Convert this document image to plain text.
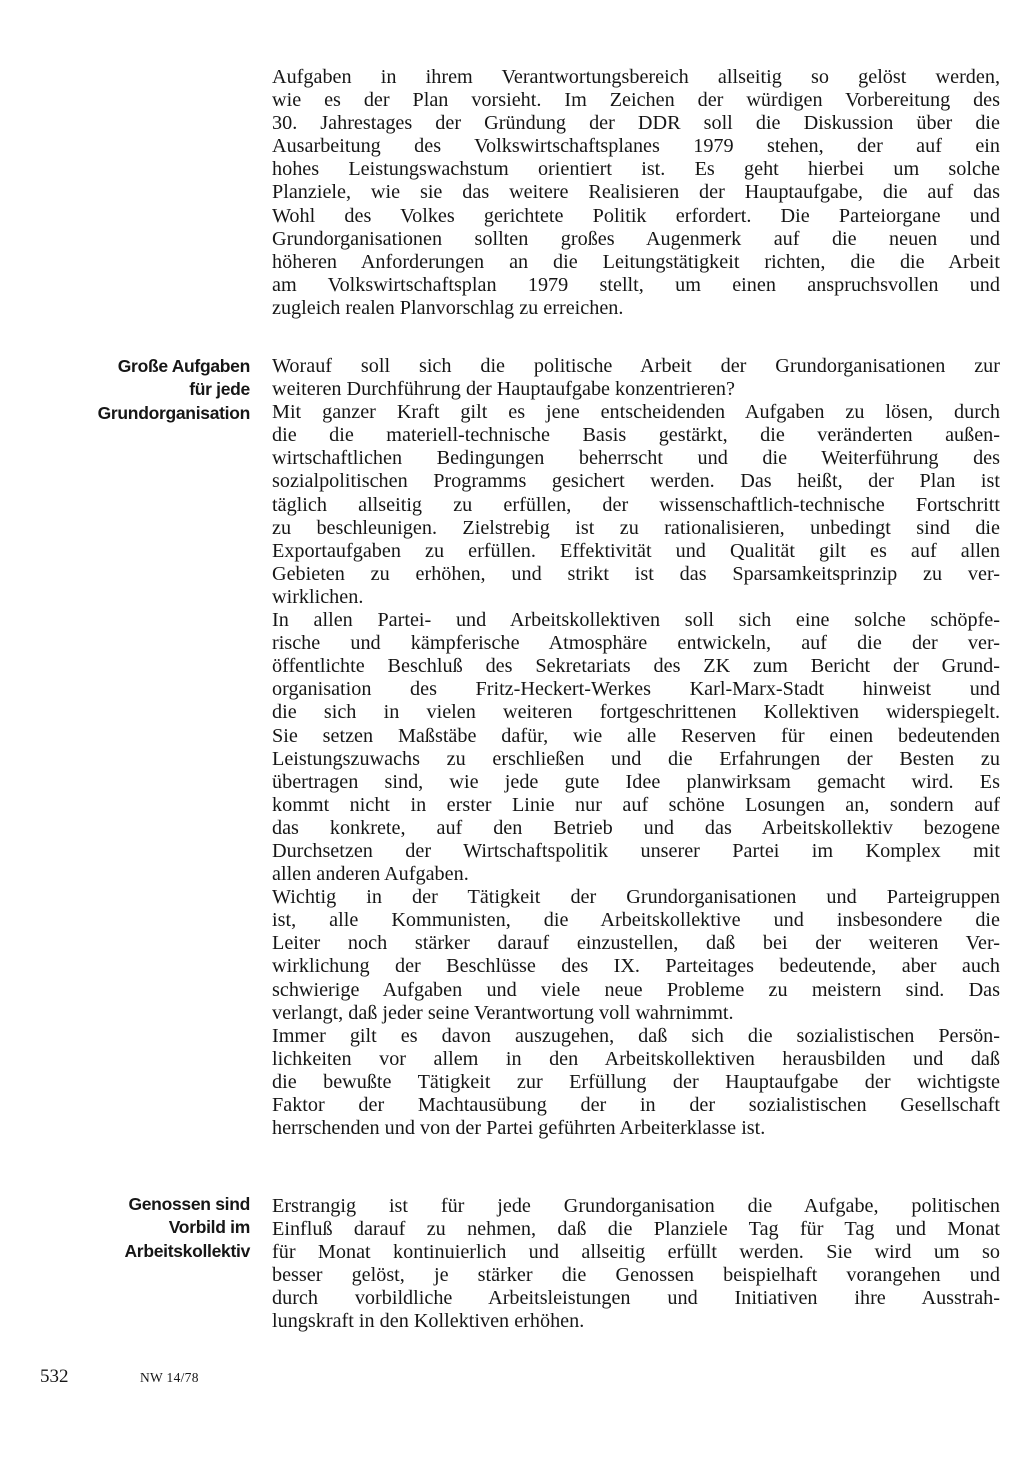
Aufgaben in ihrem Verantwortungsbereich allseitig so gelöst werden,
wie es der Plan vorsieht. Im Zeichen der würdigen Vorbereitung des
30. Jahrestages der Gründung der DDR soll die Diskussion über die
Ausarbeitung des Volkswirtschaftsplanes 1979 stehen, der auf ein
hohes Leistungswachstum orientiert ist. Es geht hierbei um solche
Planziele, wie sie das weitere Realisieren der Hauptaufgabe, die auf das
Wohl des Volkes gerichtete Politik erfordert. Die Parteiorgane und
Grundorganisationen sollten großes Augenmerk auf die neuen und
höheren Anforderungen an die Leitungstätigkeit richten, die die Arbeit
am Volkswirtschaftsplan 1979 stellt, um einen anspruchsvollen und
zugleich realen Planvorschlag zu erreichen.

Große Aufgaben
für jede
Grundorganisation

Worauf soll sich die politische Arbeit der Grundorganisationen zur
weiteren Durchführung der Hauptaufgabe konzentrieren?

Mit ganzer Kraft gilt es jene entscheidenden Aufgaben zu lösen, durch
die die materiell-technische Basis gestärkt, die veränderten außen-
wirtschaftlichen Bedingungen beherrscht und die Weiterführung des
sozialpolitischen Programms gesichert werden. Das heißt, der Plan ist
täglich allseitig zu erfüllen, der wissenschaftlich-technische Fortschritt
zu beschleunigen. Zielstrebig ist zu rationalisieren, unbedingt sind die
Exportaufgaben zu erfüllen. Effektivität und Qualität gilt es auf allen
Gebieten zu erhöhen, und strikt ist das Sparsamkeitsprinzip zu ver-
wirklichen.

In allen Partei- und Arbeitskollektiven soll sich eine solche schöpfe-
rische und kämpferische Atmosphäre entwickeln, auf die der ver-
öffentlichte Beschluß des Sekretariats des ZK zum Bericht der Grund-
organisation des Fritz-Heckert-Werkes Karl-Marx-Stadt hinweist und
die sich in vielen weiteren fortgeschrittenen Kollektiven widerspiegelt.
Sie setzen Maßstäbe dafür, wie alle Reserven für einen bedeutenden
Leistungszuwachs zu erschließen und die Erfahrungen der Besten zu
übertragen sind, wie jede gute Idee planwirksam gemacht wird. Es
kommt nicht in erster Linie nur auf schöne Losungen an, sondern auf
das konkrete, auf den Betrieb und das Arbeitskollektiv bezogene
Durchsetzen der Wirtschaftspolitik unserer Partei im Komplex mit
allen anderen Aufgaben.

Wichtig in der Tätigkeit der Grundorganisationen und Parteigruppen
ist, alle Kommunisten, die Arbeitskollektive und insbesondere die
Leiter noch stärker darauf einzustellen, daß bei der weiteren Ver-
wirklichung der Beschlüsse des IX. Parteitages bedeutende, aber auch
schwierige Aufgaben und viele neue Probleme zu meistern sind. Das
verlangt, daß jeder seine Verantwortung voll wahrnimmt.

Immer gilt es davon auszugehen, daß sich die sozialistischen Persön-
lichkeiten vor allem in den Arbeitskollektiven herausbilden und daß
die bewußte Tätigkeit zur Erfüllung der Hauptaufgabe der wichtigste
Faktor der Machtausübung der in der sozialistischen Gesellschaft
herrschenden und von der Partei geführten Arbeiterklasse ist.

Genossen sind
Vorbild im
Arbeitskollektiv

Erstrangig ist für jede Grundorganisation die Aufgabe, politischen
Einfluß darauf zu nehmen, daß die Planziele Tag für Tag und Monat
für Monat kontinuierlich und allseitig erfüllt werden. Sie wird um so
besser gelöst, je stärker die Genossen beispielhaft vorangehen und
durch vorbildliche Arbeitsleistungen und Initiativen ihre Ausstrah-
lungskraft in den Kollektiven erhöhen.

532	NW 14/78
